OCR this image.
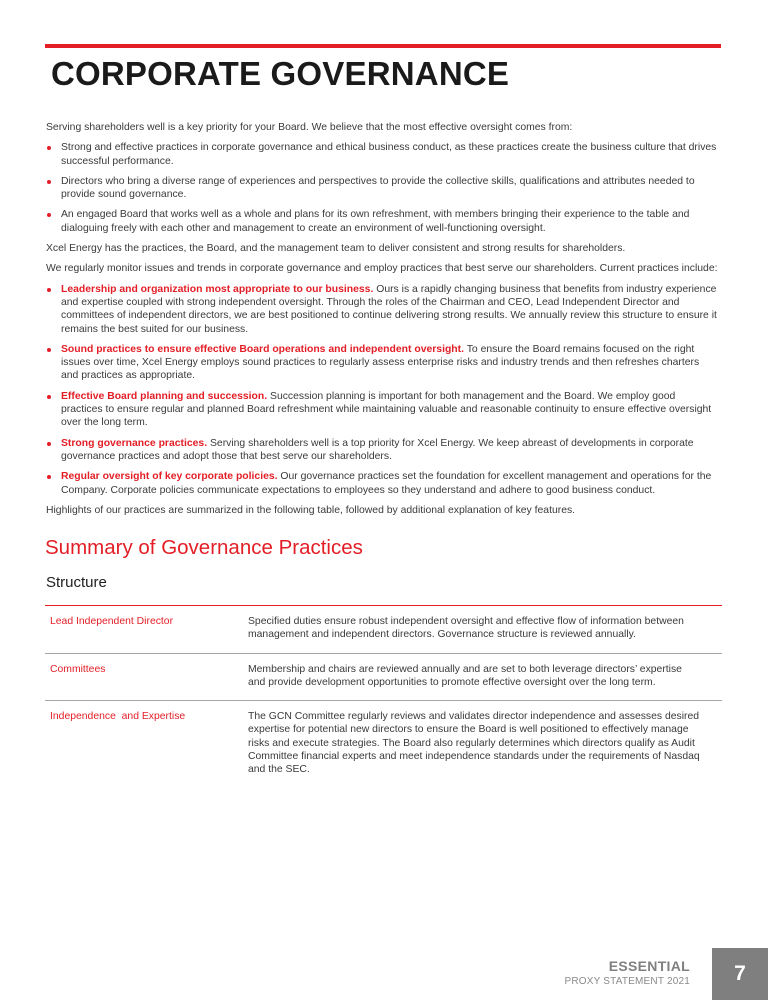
CORPORATE GOVERNANCE

Serving shareholders well is a key priority for your Board. We believe that the most effective oversight comes from:

Strong and effective practices in corporate governance and ethical business conduct, as these practices create the business culture that drives successful performance.
Directors who bring a diverse range of experiences and perspectives to provide the collective skills, qualifications and attributes needed to provide sound governance.
An engaged Board that works well as a whole and plans for its own refreshment, with members bringing their experience to the table and dialoguing freely with each other and management to create an environment of well-functioning oversight.

Xcel Energy has the practices, the Board, and the management team to deliver consistent and strong results for shareholders.

We regularly monitor issues and trends in corporate governance and employ practices that best serve our shareholders. Current practices include:

Leadership and organization most appropriate to our business. Ours is a rapidly changing business that benefits from industry experience and expertise coupled with strong independent oversight. Through the roles of the Chairman and CEO, Lead Independent Director and committees of independent directors, we are best positioned to continue delivering strong results. We annually review this structure to ensure it remains the best suited for our business.
Sound practices to ensure effective Board operations and independent oversight. To ensure the Board remains focused on the right issues over time, Xcel Energy employs sound practices to regularly assess enterprise risks and industry trends and then refreshes charters and practices as appropriate.
Effective Board planning and succession. Succession planning is important for both management and the Board. We employ good practices to ensure regular and planned Board refreshment while maintaining valuable and reasonable continuity to ensure effective oversight over the long term.
Strong governance practices. Serving shareholders well is a top priority for Xcel Energy. We keep abreast of developments in corporate governance practices and adopt those that best serve our shareholders.
Regular oversight of key corporate policies. Our governance practices set the foundation for excellent management and operations for the Company. Corporate policies communicate expectations to employees so they understand and adhere to good business conduct.

Highlights of our practices are summarized in the following table, followed by additional explanation of key features.

Summary of Governance Practices
Structure
Lead Independent Director	Specified duties ensure robust independent oversight and effective flow of information between management and independent directors. Governance structure is reviewed annually.
Committees	Membership and chairs are reviewed annually and are set to both leverage directors’ expertise and provide development opportunities to promote effective oversight over the long term.
Independence  and Expertise	The GCN Committee regularly reviews and validates director independence and assesses desired expertise for potential new directors to ensure the Board is well positioned to effectively manage risks and execute strategies. The Board also regularly determines which directors qualify as Audit Committee financial experts and meet independence standards under the requirements of Nasdaq and the SEC.
ESSENTIAL
PROXY STATEMENT 2021 7
